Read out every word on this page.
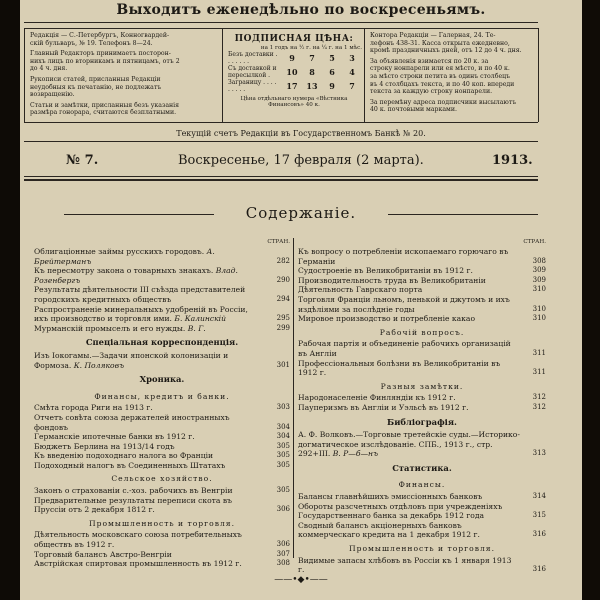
Выходитъ еженедѣльно по воскресеньямъ.
Редакція — С.-Петербургъ, Конногвардей-
скій бульваръ, № 19. Телефонъ 8—24.
Главный Редакторъ принимаетъ посторон-
нихъ лицъ по вторникамъ и пятницамъ, отъ 2
до 4 ч. дня.
Рукописи статей, присланныя Редакціи
неудобныя къ печатанію, не подлежатъ
возвращенію.
Статьи и замѣтки, присланныя безъ указанія
размѣра гонорара, считаются безплатными.
ПОДПИСНАЯ ЦѢНА:
на 1 годъ на ½ г. на ¼ г. на 1 мѣс.
Безъ доставки . . . . . . .	9	7	5	3
Съ доставкой и пересылкой .	10	8	6	4
Заграницу . . . . . . . . .	17	13	9	7
Цѣна отдѣльнаго нумера «Вѣстника Финансовъ» 40 к.
Контора Редакціи — Галерная, 24. Те-
лефонъ 438-31. Касса открыта ежедневно,
кромѣ праздничныхъ дней, отъ 12 до 4 ч. дня.
За объявленія взимается по 20 к. за
строку нонпарели или ея мѣсто, и по 40 к.
за мѣсто строки петита въ одинъ столбецъ
въ 4 столбцахъ текста, и по 40 коп. впереди
текста за каждую строку нонпарели.
За перемѣну адреса подписчики высылаютъ
40 к. почтовыми марками.
Текущій счетъ Редакціи въ Государственномъ Банкѣ № 20.
№ 7.	Воскресенье, 17 февраля (2 марта).	1913.
Содержаніе.
СТРАН.
Облигаціонные займы русскихъ городовъ. А. Брейтерманъ	282
Къ пересмотру закона о товарныхъ знакахъ. Влад. Розенбергъ	290
Результаты дѣятельности III съѣзда представителей городскихъ кредитныхъ обществъ	294
Распространеніе минеральныхъ удобреній въ Россіи, ихъ производство и торговля ими. Б. Калинскій	295
Мурманскій промыселъ и его нужды. В. Г.	299
Спеціальная корреспонденція.
Изъ Іокогамы.—Задачи японской колонизаціи и Формоза. К. Поляковъ	301
Хроника.
Финансы, кредитъ и банки.
Смѣта города Риги на 1913 г.	303
Отчетъ совѣта союза держателей иностранныхъ фондовъ	304
Германскіе ипотечные банки въ 1912 г.	304
Бюджетъ Берлина на 1913/14 годъ	305
Къ введенію подоходнаго налога во Франціи	305
Подоходный налогъ въ Соединенныхъ Штатахъ	305
Сельское хозяйство.
Законъ о страхованіи с.-хоз. рабочихъ въ Венгріи	305
Предварительные результаты переписи скота въ Пруссіи отъ 2 декабря 1812 г.	306
Промышленность и торговля.
Дѣятельность московскаго союза потребительныхъ обществъ въ 1912 г.	306
Торговый балансъ Австро-Венгріи	307
Австрійская спиртовая промышленность въ 1912 г.	308
СТРАН.
Къ вопросу о потребленіи ископаемаго горючаго въ Германіи	308
Судостроеніе въ Великобританіи въ 1912 г.	309
Производительность труда въ Великобританіи	309
Дѣятельность Гаврскаго порта	310
Торговля Франціи льномъ, пенькой и джутомъ и ихъ издѣліями за послѣдніе годы	310
Мировое производство и потребленіе какао	310
Рабочій вопросъ.
Рабочая партія и объединеніе рабочихъ организацій въ Англіи	311
Профессіональныя болѣзни въ Великобританіи въ 1912 г.	311
Разныя замѣтки.
Народонаселеніе Финляндіи къ 1912 г.	312
Пауперизмъ въ Англіи и Уэльсѣ въ 1912 г.	312
Библіографія.
А. Ф. Волковъ.—Торговые третейскіе суды.—Историко-догматическое изслѣдованіе. СПБ., 1913 г., стр. 292+III. В. Р—б—нъ	313
Статистика.
Финансы.
Балансы главнѣйшихъ эмиссіонныхъ банковъ	314
Обороты разсчетныхъ отдѣловъ при учрежденіяхъ Государственнаго банка за декабрь 1912 года	315
Сводный балансъ акціонерныхъ банковъ коммерческаго кредита на 1 декабря 1912 г.	316
Промышленность и торговля.
Видимые запасы хлѣбовъ въ Россіи къ 1 января 1913 г.	316
——•◆•——
